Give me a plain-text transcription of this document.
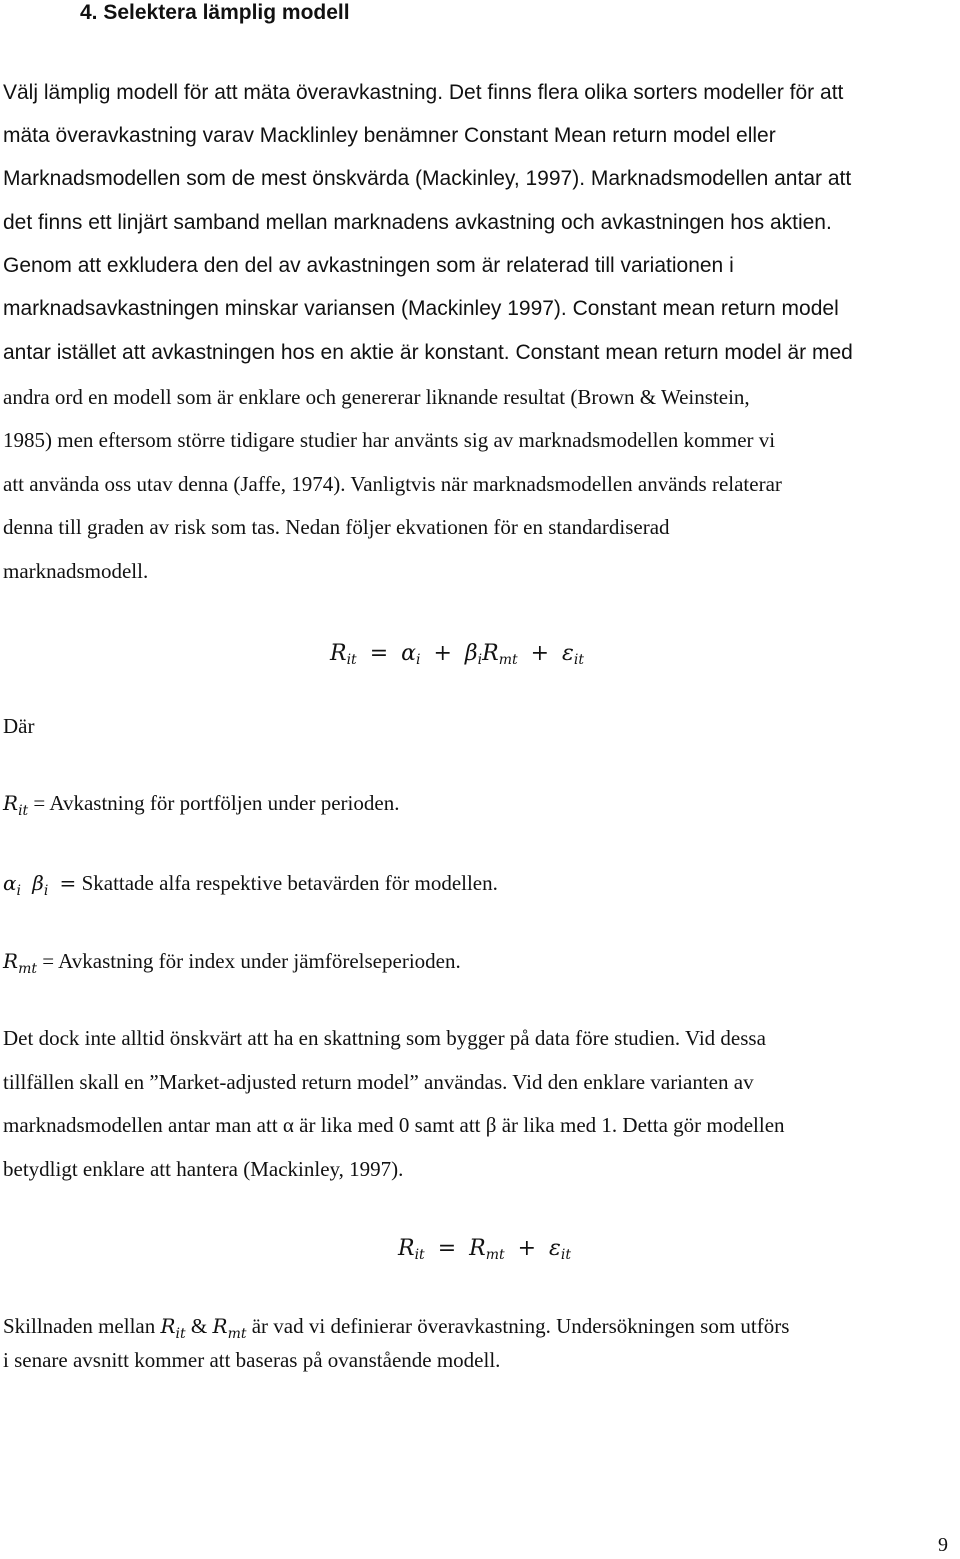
4. Selektera lämplig modell
Välj lämplig modell för att mäta överavkastning. Det finns flera olika sorters modeller för att
mäta överavkastning varav Macklinley benämner Constant Mean return model eller
Marknadsmodellen som de mest önskvärda (Mackinley, 1997). Marknadsmodellen antar att
det finns ett linjärt samband mellan marknadens avkastning och avkastningen hos aktien.
Genom att exkludera den del av avkastningen som är relaterad till variationen i
marknadsavkastningen minskar variansen (Mackinley 1997). Constant mean return model
antar istället att avkastningen hos en aktie är konstant. Constant mean return model är med
andra ord en modell som är enklare och genererar liknande resultat (Brown & Weinstein,
1985) men eftersom större tidigare studier har använts sig av marknadsmodellen kommer vi
att använda oss utav denna (Jaffe, 1974). Vanligtvis när marknadsmodellen används relaterar
denna till graden av risk som tas. Nedan följer ekvationen för en standardiserad
marknadsmodell.
$R_{it} = \alpha_i + \beta_iR_{mt} + \varepsilon_{it}$
Där
$R_{it}$ = Avkastning för portföljen under perioden.
$\alpha_i$ $\beta_i$ = Skattade alfa respektive betavärden för modellen.
$R_{mt}$ = Avkastning för index under jämförelseperioden.
Det dock inte alltid önskvärt att ha en skattning som bygger på data före studien. Vid dessa
tillfällen skall en ”Market-adjusted return model” användas. Vid den enklare varianten av
marknadsmodellen antar man att α är lika med 0 samt att β är lika med 1. Detta gör modellen
betydligt enklare att hantera (Mackinley, 1997).
$R_{it} = R_{mt} + \varepsilon_{it}$
Skillnaden mellan $R_{it}$ & $R_{mt}$ är vad vi definierar överavkastning. Undersökningen som utförs
i senare avsnitt kommer att baseras på ovanstående modell.
9
